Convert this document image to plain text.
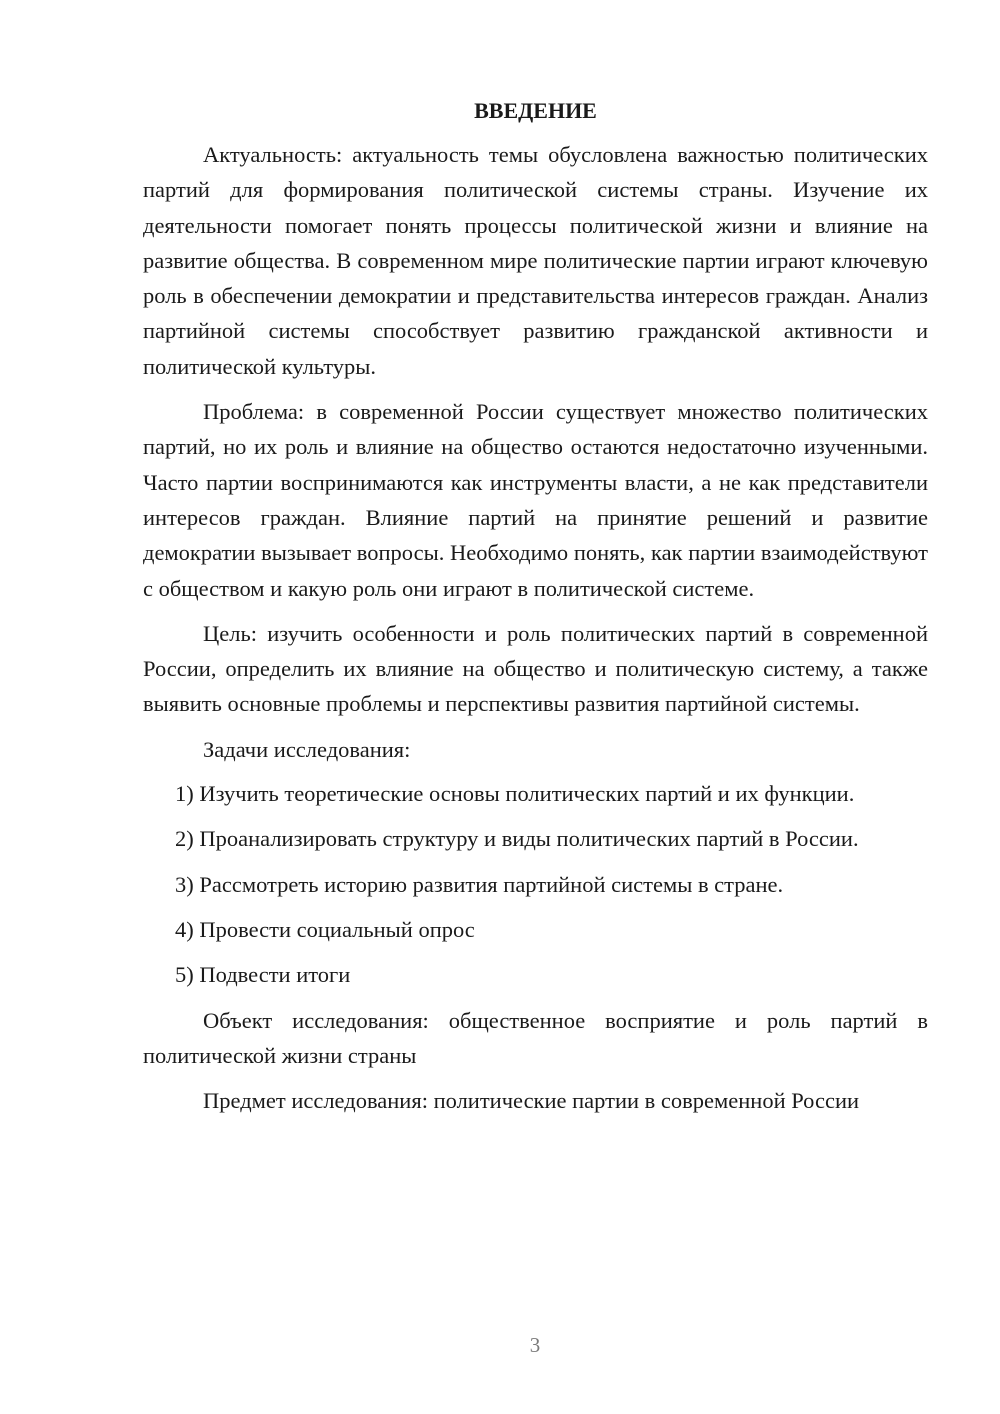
ВВЕДЕНИЕ

Актуальность: актуальность темы обусловлена важностью политических партий для формирования политической системы страны. Изучение их деятельности помогает понять процессы политической жизни и влияние на развитие общества. В современном мире политические партии играют ключевую роль в обеспечении демократии и представительства интересов граждан. Анализ партийной системы способствует развитию гражданской активности и политической культуры.

Проблема: в современной России существует множество политических партий, но их роль и влияние на общество остаются недостаточно изученными. Часто партии воспринимаются как инструменты власти, а не как представители интересов граждан. Влияние партий на принятие решений и развитие демократии вызывает вопросы. Необходимо понять, как партии взаимодействуют с обществом и какую роль они играют в политической системе.

Цель: изучить особенности и роль политических партий в современной России, определить их влияние на общество и политическую систему, а также выявить основные проблемы и перспективы развития партийной системы.

Задачи исследования:

1) Изучить теоретические основы политических партий и их функции.

2) Проанализировать структуру и виды политических партий в России.

3) Рассмотреть историю развития партийной системы в стране.

4) Провести социальный опрос

5) Подвести итоги

Объект исследования: общественное восприятие и роль партий в политической жизни страны

Предмет исследования: политические партии в современной России

3
